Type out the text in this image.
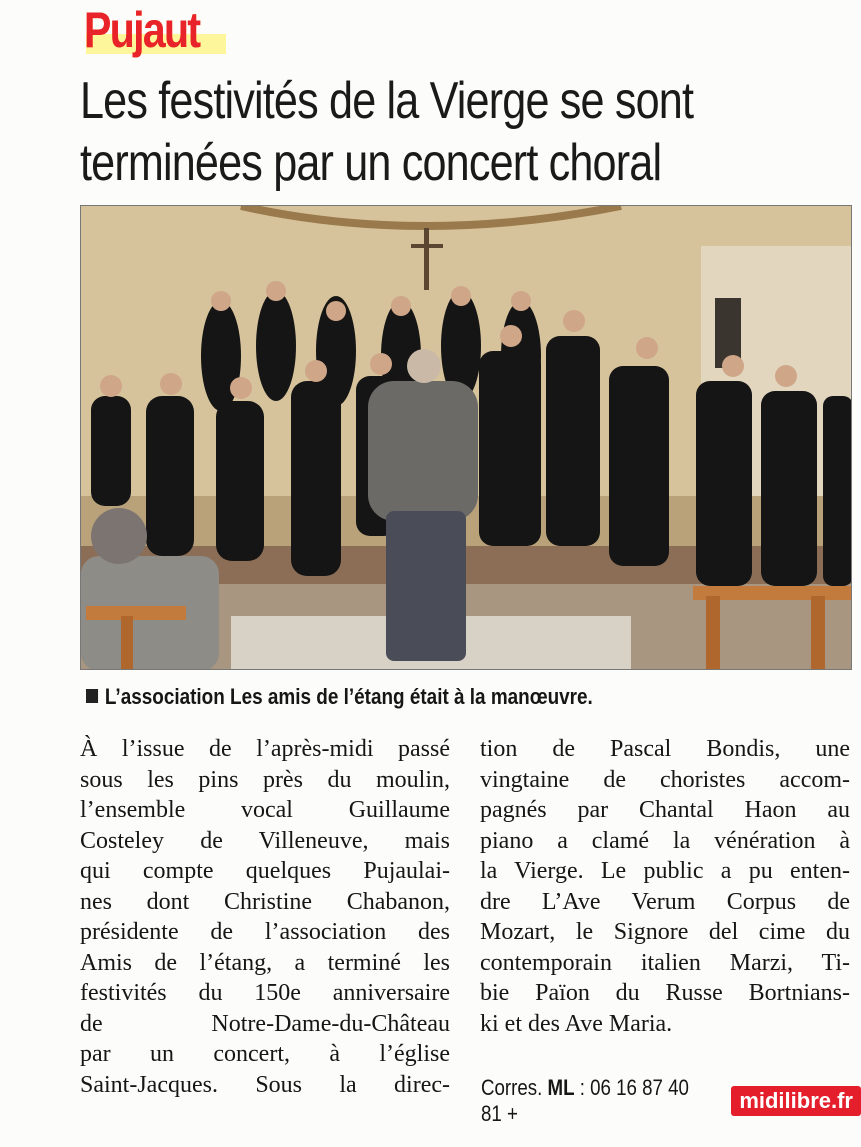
Pujaut
Les festivités de la Vierge se sont
terminées par un concert choral
L’association Les amis de l’étang était à la manœuvre.
À l’issue de l’après-midi passé
sous les pins près du moulin,
l’ensemble vocal Guillaume
Costeley de Villeneuve, mais
qui compte quelques Pujaulai-
nes dont Christine Chabanon,
présidente de l’association des
Amis de l’étang, a terminé les
festivités du 150e anniversaire
de Notre-Dame-du-Château
par un concert, à l’église
Saint-Jacques. Sous la direc-
tion de Pascal Bondis, une
vingtaine de choristes accom-
pagnés par Chantal Haon au
piano a clamé la vénération à
la Vierge. Le public a pu enten-
dre L’Ave Verum Corpus de
Mozart, le Signore del cime du
contemporain italien Marzi, Ti-
bie Païon du Russe Bortnians-
ki et des Ave Maria.
Corres. ML : 06 16 87 40 81 +
midilibre.fr
